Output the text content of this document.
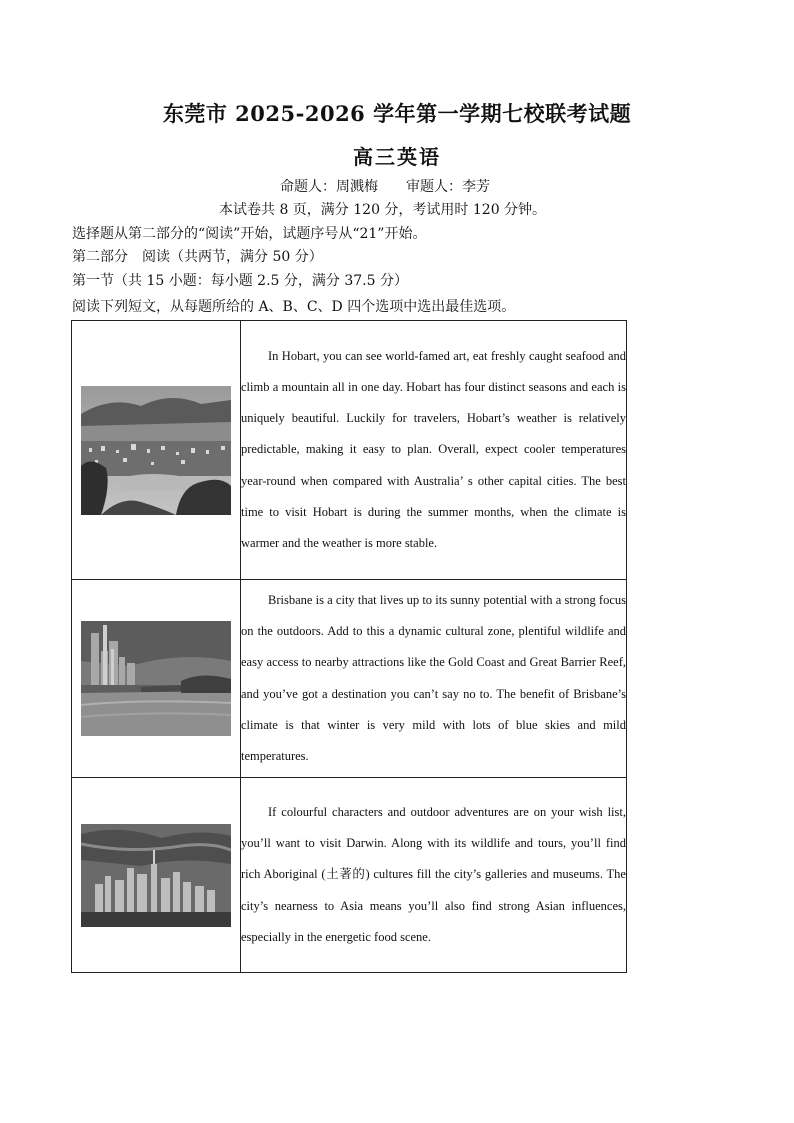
东莞市 2025-2026 学年第一学期七校联考试题
高三英语
命题人：周溅梅　　审题人：李芳
本试卷共 8 页，满分 120 分，考试用时 120 分钟。
选择题从第二部分的“阅读”开始，试题序号从“21”开始。
第二部分　阅读（共两节，满分 50 分）
第一节（共 15 小题：每小题 2.5 分，满分 37.5 分）
阅读下列短文，从每题所给的 A、B、C、D 四个选项中选出最佳选项。

In Hobart, you can see world-famed art, eat freshly caught seafood and climb a mountain all in one day. Hobart has four distinct seasons and each is uniquely beautiful. Luckily for travelers, Hobart’s weather is relatively predictable, making it easy to plan. Overall, expect cooler temperatures year-round when compared with Australia’ s other capital cities. The best time to visit Hobart is during the summer months, when the climate is warmer and the weather is more stable.

Brisbane is a city that lives up to its sunny potential with a strong focus on the outdoors. Add to this a dynamic cultural zone, plentiful wildlife and easy access to nearby attractions like the Gold Coast and Great Barrier Reef, and you’ve got a destination you can’t say no to. The benefit of Brisbane’s climate is that winter is very mild with lots of blue skies and mild temperatures.

If colourful characters and outdoor adventures are on your wish list, you’ll want to visit Darwin. Along with its wildlife and tours, you’ll find rich Aboriginal (土著的) cultures fill the city’s galleries and museums. The city’s nearness to Asia means you’ll also find strong Asian influences, especially in the energetic food scene.
